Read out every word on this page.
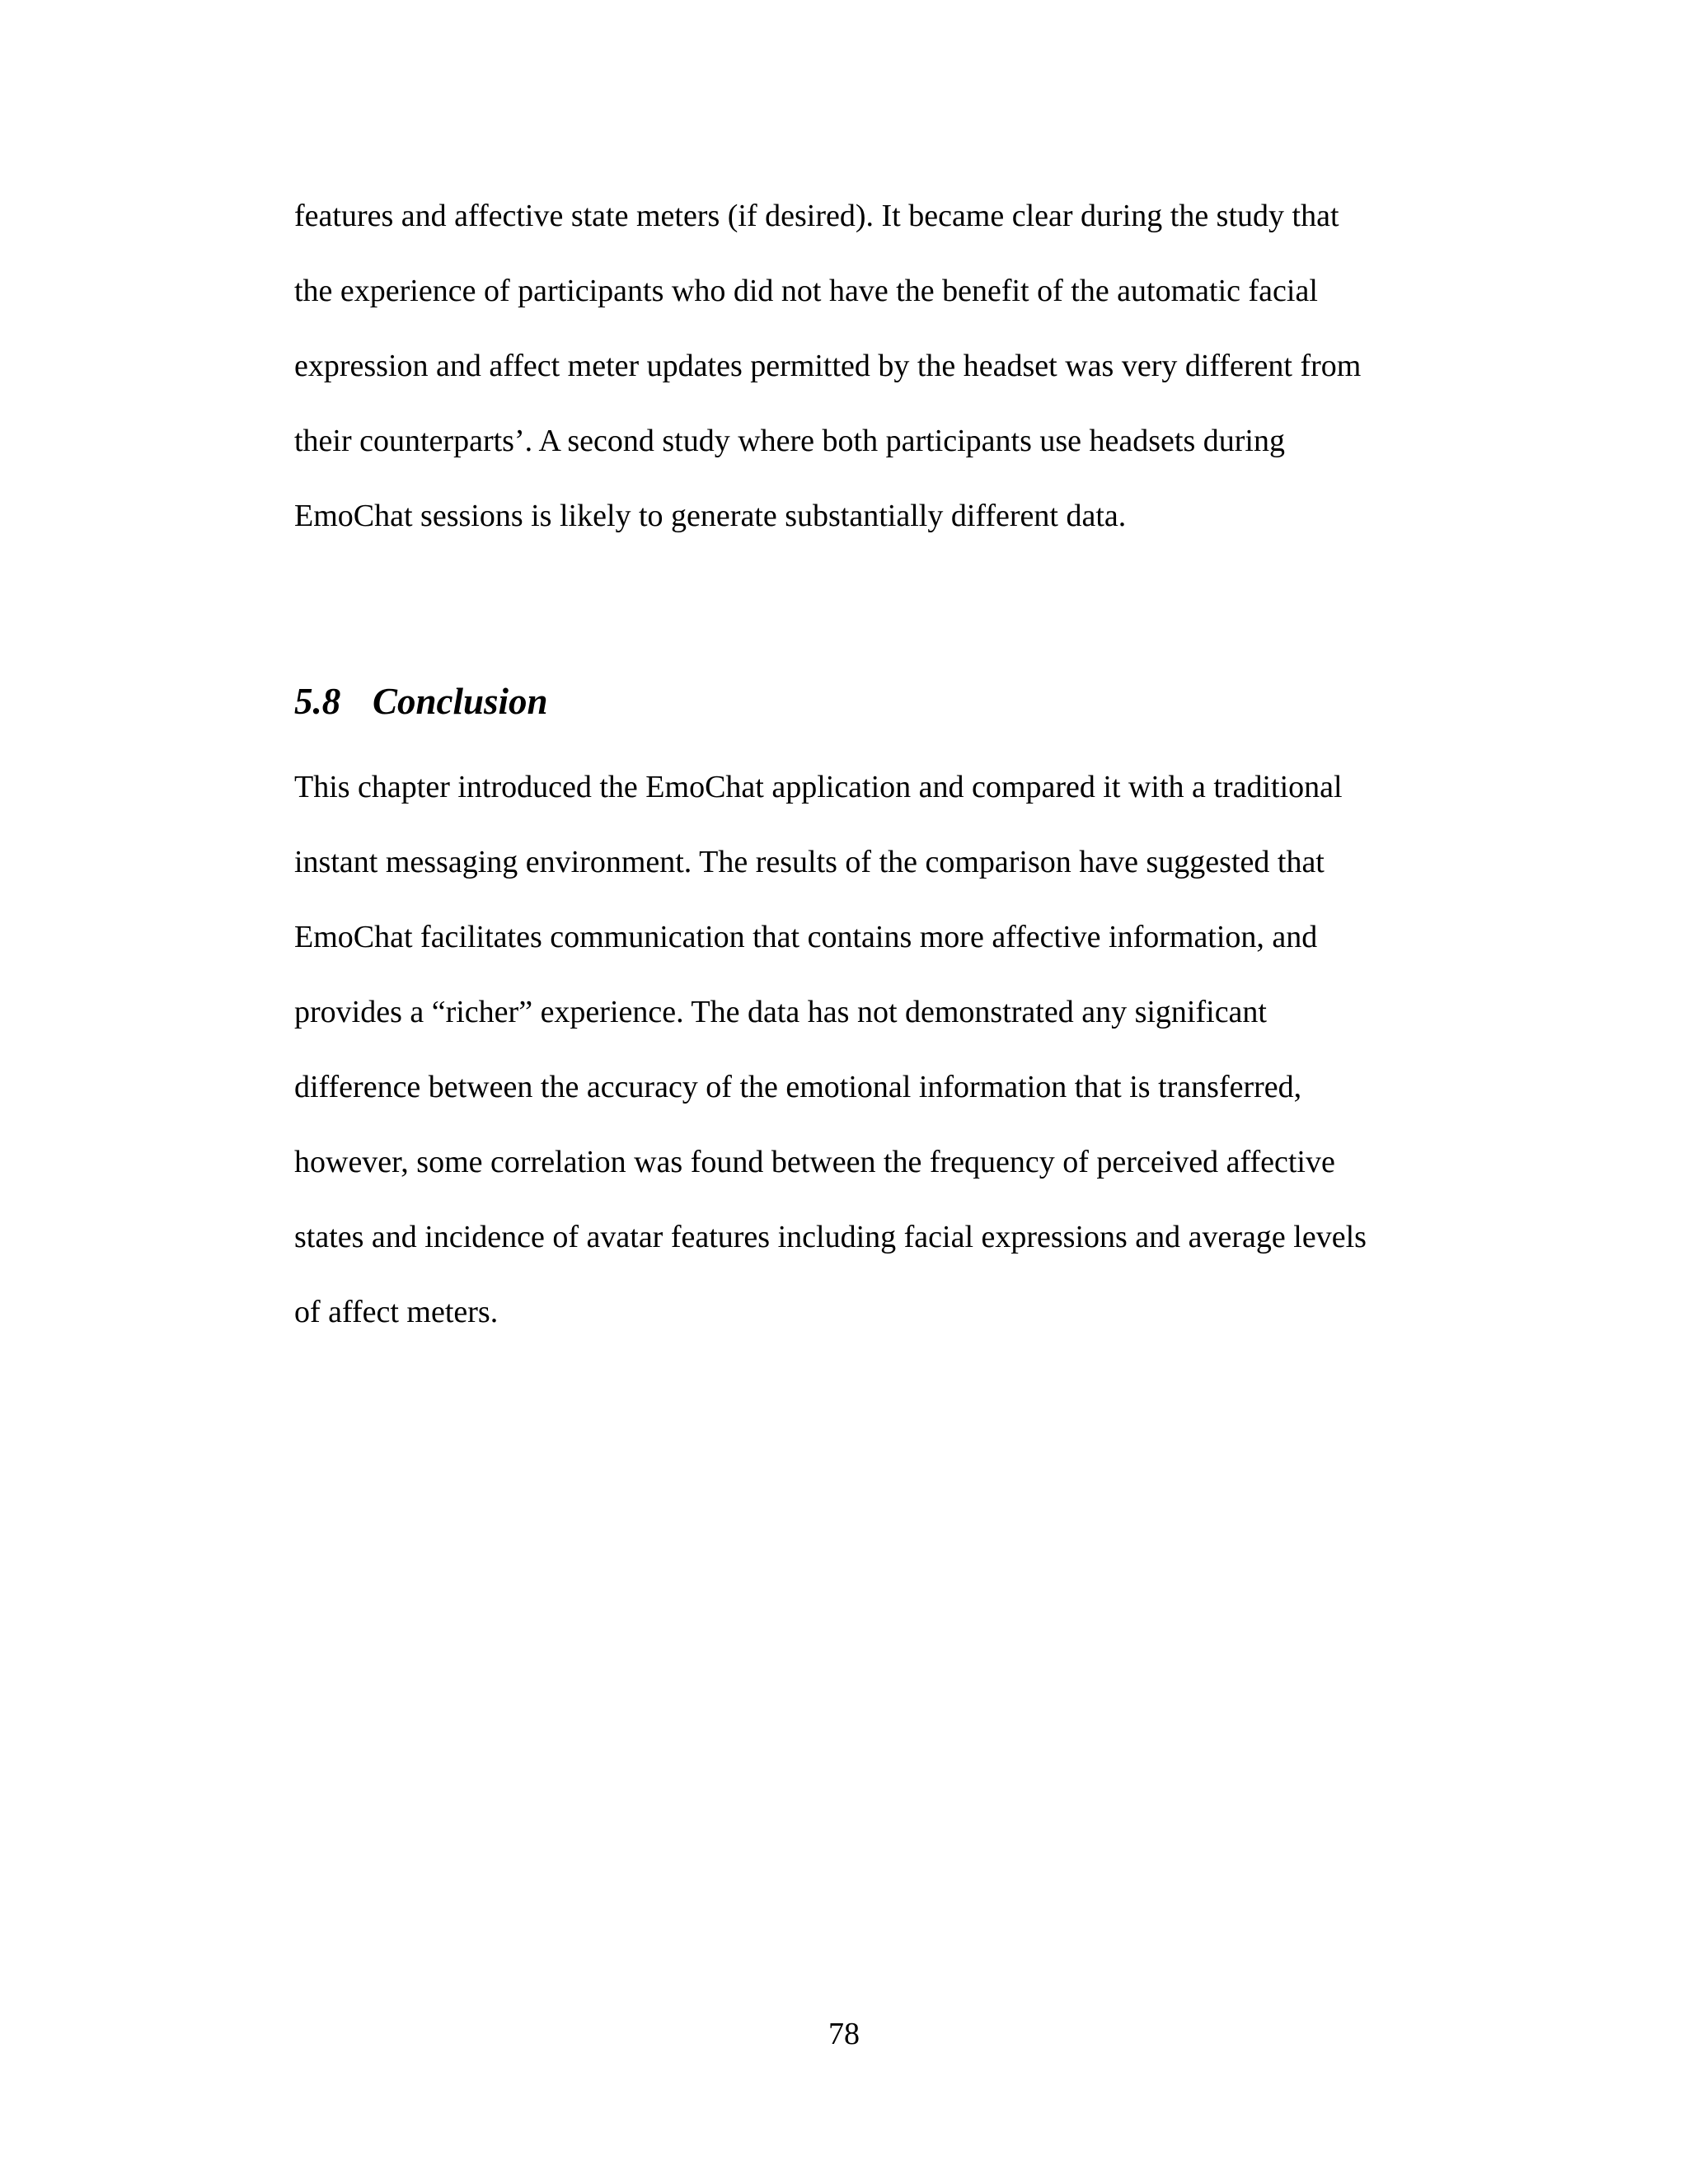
features and affective state meters (if desired). It became clear during the study that

the experience of participants who did not have the benefit of the automatic facial

expression and affect meter updates permitted by the headset was very different from

their counterparts’. A second study where both participants use headsets during

EmoChat sessions is likely to generate substantially different data.

5.8 Conclusion

This chapter introduced the EmoChat application and compared it with a traditional

instant messaging environment. The results of the comparison have suggested that

EmoChat facilitates communication that contains more affective information, and

provides a “richer” experience. The data has not demonstrated any significant

difference between the accuracy of the emotional information that is transferred,

however, some correlation was found between the frequency of perceived affective

states and incidence of avatar features including facial expressions and average levels

of affect meters.

78
